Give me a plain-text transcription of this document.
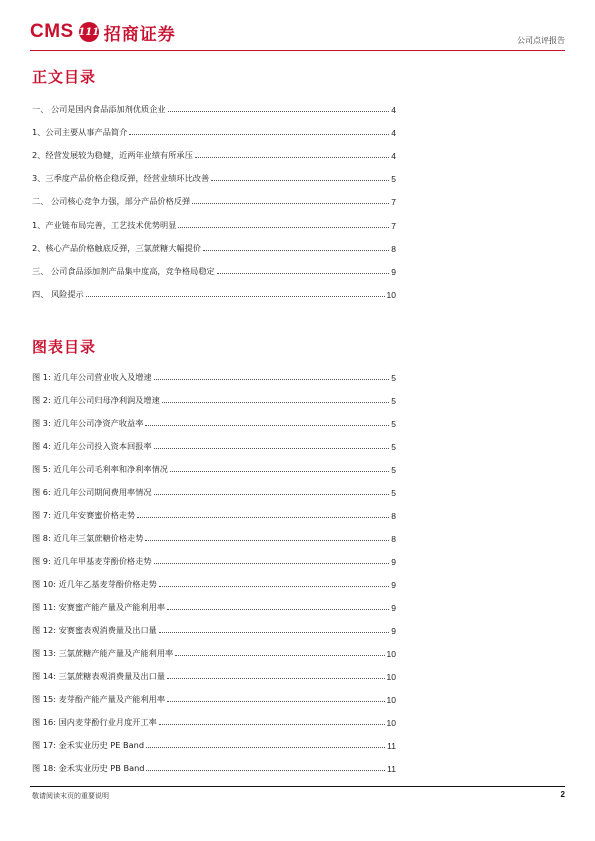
CMS 111 招商证券	公司点评报告
正文目录
一、 公司是国内食品添加剂优质企业	4
1、公司主要从事产品简介	4
2、经营发展较为稳健，近两年业绩有所承压	4
3、三季度产品价格企稳反弹，经营业绩环比改善	5
二、 公司核心竞争力强，部分产品价格反弹	7
1、产业链布局完善，工艺技术优势明显	7
2、核心产品价格触底反弹，三氯蔗糖大幅提价	8
三、 公司食品添加剂产品集中度高，竞争格局稳定	9
四、 风险提示	10
图表目录
图 1: 近几年公司营业收入及增速	5
图 2: 近几年公司归母净利润及增速	5
图 3: 近几年公司净资产收益率	5
图 4: 近几年公司投入资本回报率	5
图 5: 近几年公司毛利率和净利率情况	5
图 6: 近几年公司期间费用率情况	5
图 7: 近几年安赛蜜价格走势	8
图 8: 近几年三氯蔗糖价格走势	8
图 9: 近几年甲基麦芽酚价格走势	9
图 10: 近几年乙基麦芽酚价格走势	9
图 11: 安赛蜜产能产量及产能利用率	9
图 12: 安赛蜜表观消费量及出口量	9
图 13: 三氯蔗糖产能产量及产能利用率	10
图 14: 三氯蔗糖表观消费量及出口量	10
图 15: 麦芽酚产能产量及产能利用率	10
图 16: 国内麦芽酚行业月度开工率	10
图 17: 金禾实业历史 PE Band	11
图 18: 金禾实业历史 PB Band	11
敬请阅读末页的重要说明	2
